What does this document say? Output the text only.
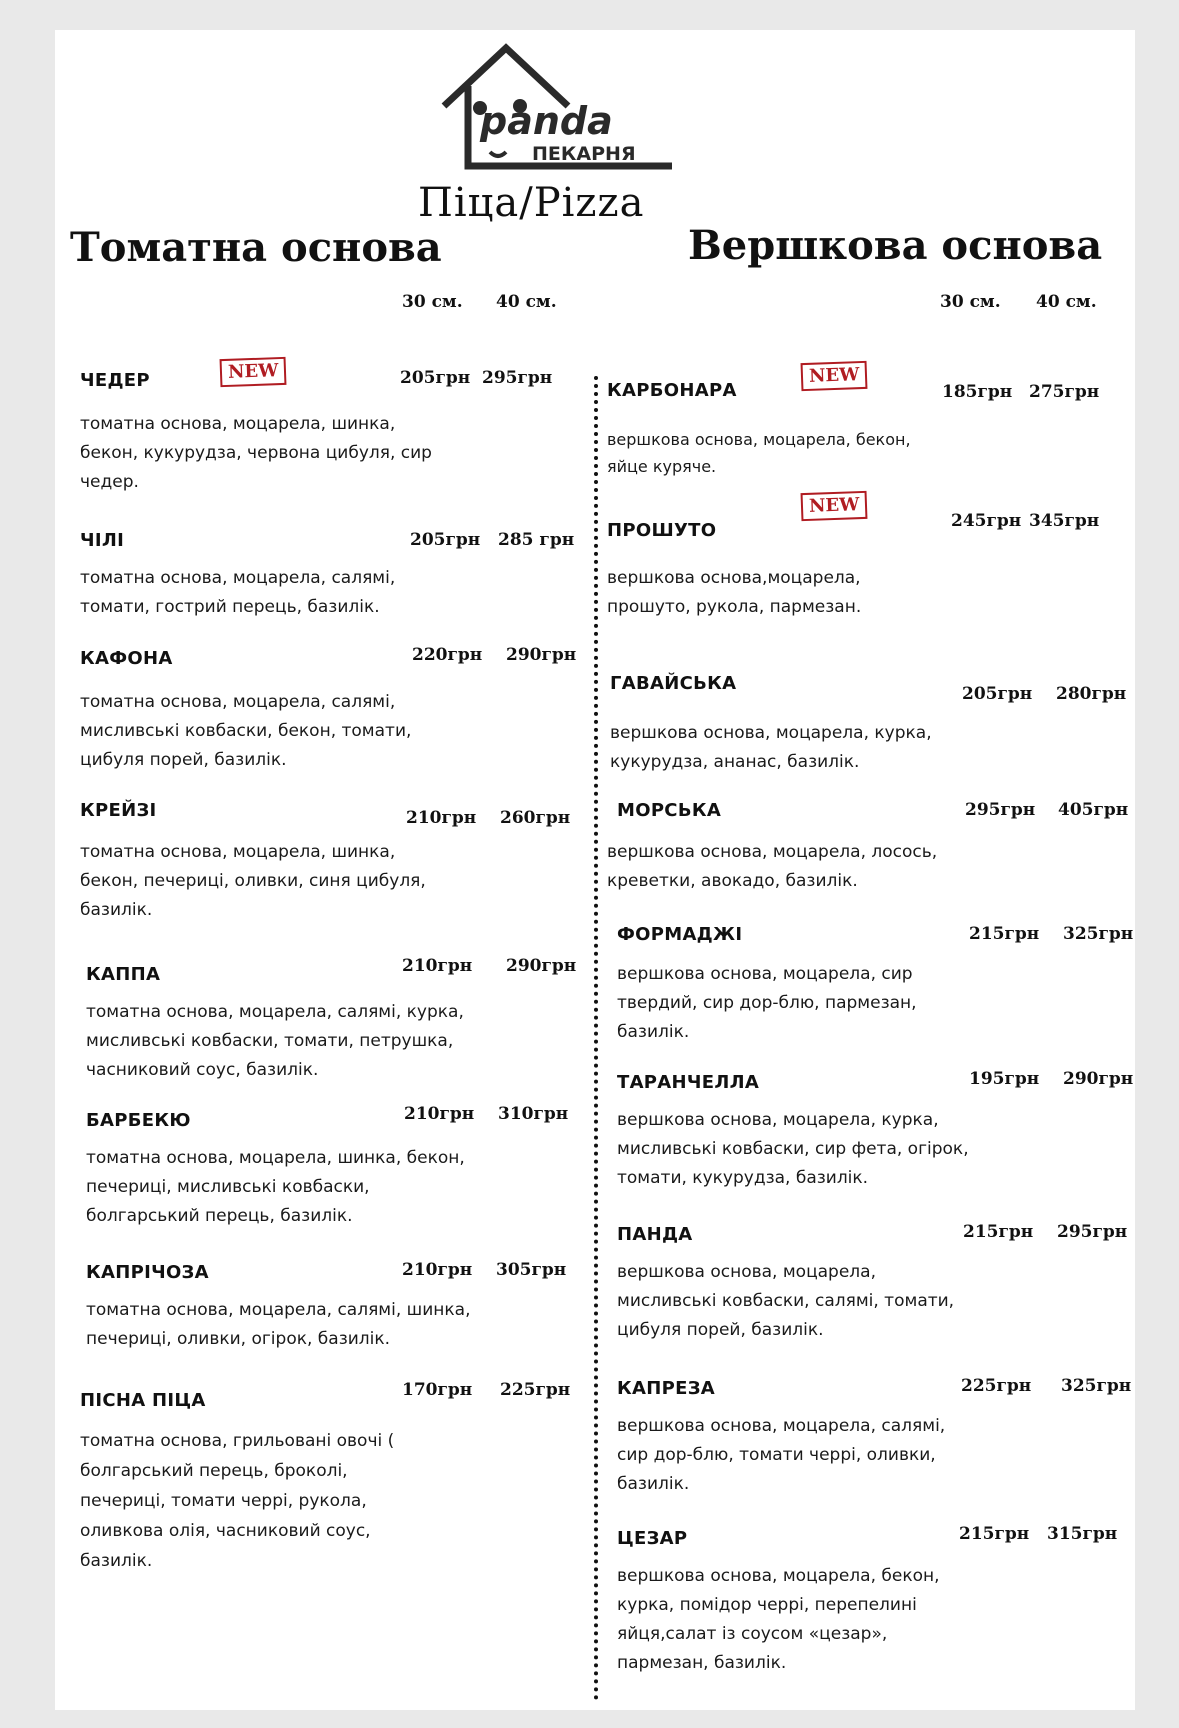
panda
ПЕКАРНЯ
Піца/Pizza
Томатна основа	Вершкова основа
30 см. 40 см.	30 см. 40 см.
ЧЕДЕР	NEW	205грн 295грн
томатна основа, моцарела, шинка, бекон, кукурудза, червона цибуля, сир чедер.
ЧІЛІ	205грн 285 грн
томатна основа, моцарела, салямі, томати, гострий перець, базилік.
КАФОНА	220грн 290грн
томатна основа, моцарела, салямі, мисливські ковбаски, бекон, томати, цибуля порей, базилік.
КРЕЙЗІ	210грн 260грн
томатна основа, моцарела, шинка, бекон, печериці, оливки, синя цибуля, базилік.
КАППА	210грн 290грн
томатна основа, моцарела, салямі, курка, мисливські ковбаски, томати, петрушка, часниковий соус, базилік.
БАРБЕКЮ	210грн 310грн
томатна основа, моцарела, шинка, бекон, печериці, мисливські ковбаски, болгарський перець, базилік.
КАПРІЧОЗА	210грн 305грн
томатна основа, моцарела, салямі, шинка, печериці, оливки, огірок, базилік.
ПІСНА ПІЦА	170грн 225грн
томатна основа, грильовані овочі ( болгарський перець, броколі, печериці, томати черрі, рукола, оливкова олія, часниковий соус, базилік.
КАРБОНАРА
NEW
185грн 275грн
вершкова основа, моцарела, бекон, яйце куряче.
ПРОШУТО
NEW
245грн 345грн
вершкова основа,моцарела, прошуто, рукола, пармезан.
ГАВАЙСЬКА	205грн 280грн
вершкова основа, моцарела, курка, кукурудза, ананас, базилік.
МОРСЬКА	295грн 405грн
вершкова основа, моцарела, лосось, креветки, авокадо, базилік.
ФОРМАДЖІ	215грн 325грн
вершкова основа, моцарела, сир твердий, сир дор-блю, пармезан, базилік.
ТАРАНЧЕЛЛА	195грн 290грн
вершкова основа, моцарела, курка, мисливські ковбаски, сир фета, огірок, томати, кукурудза, базилік.
ПАНДА	215грн 295грн
вершкова основа, моцарела, мисливські ковбаски, салямі, томати, цибуля порей, базилік.
КАПРЕЗА	225грн 325грн
вершкова основа, моцарела, салямі, сир дор-блю, томати черрі, оливки, базилік.
ЦЕЗАР	215грн 315грн
вершкова основа, моцарела, бекон, курка, помідор черрі, перепелині яйця,салат із соусом «цезар», пармезан, базилік.
